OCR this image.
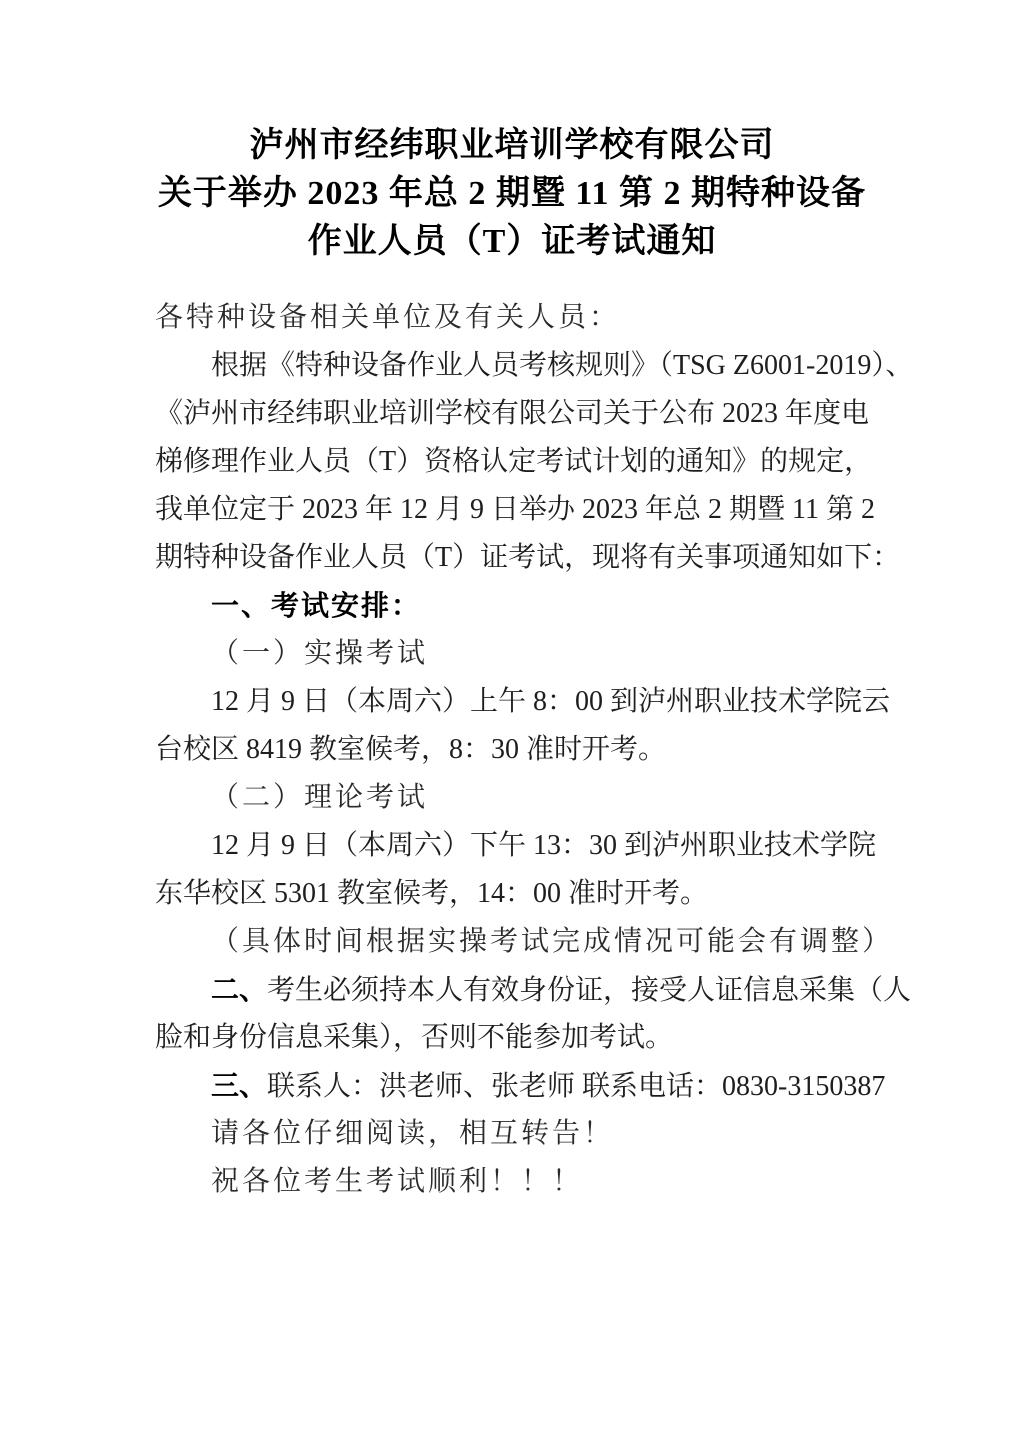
泸州市经纬职业培训学校有限公司
关于举办 2023 年总 2 期暨 11 第 2 期特种设备
作业人员（T）证考试通知
各特种设备相关单位及有关人员：
根据《特种设备作业人员考核规则》（TSG Z6001-2019）、
《泸州市经纬职业培训学校有限公司关于公布 2023 年度电
梯修理作业人员（T）资格认定考试计划的通知》的规定，
我单位定于 2023 年 12 月 9 日举办 2023 年总 2 期暨 11 第 2
期特种设备作业人员（T）证考试，现将有关事项通知如下：
一、考试安排：
（一）实操考试
12 月 9 日（本周六）上午 8：00 到泸州职业技术学院云
台校区 8419 教室候考，8：30 准时开考。
（二）理论考试
12 月 9 日（本周六）下午 13：30 到泸州职业技术学院
东华校区 5301 教室候考，14：00 准时开考。
（具体时间根据实操考试完成情况可能会有调整）
二、考生必须持本人有效身份证，接受人证信息采集（人
脸和身份信息采集），否则不能参加考试。
三、联系人：洪老师、张老师 联系电话：0830-3150387
请各位仔细阅读，相互转告！
祝各位考生考试顺利！！！
